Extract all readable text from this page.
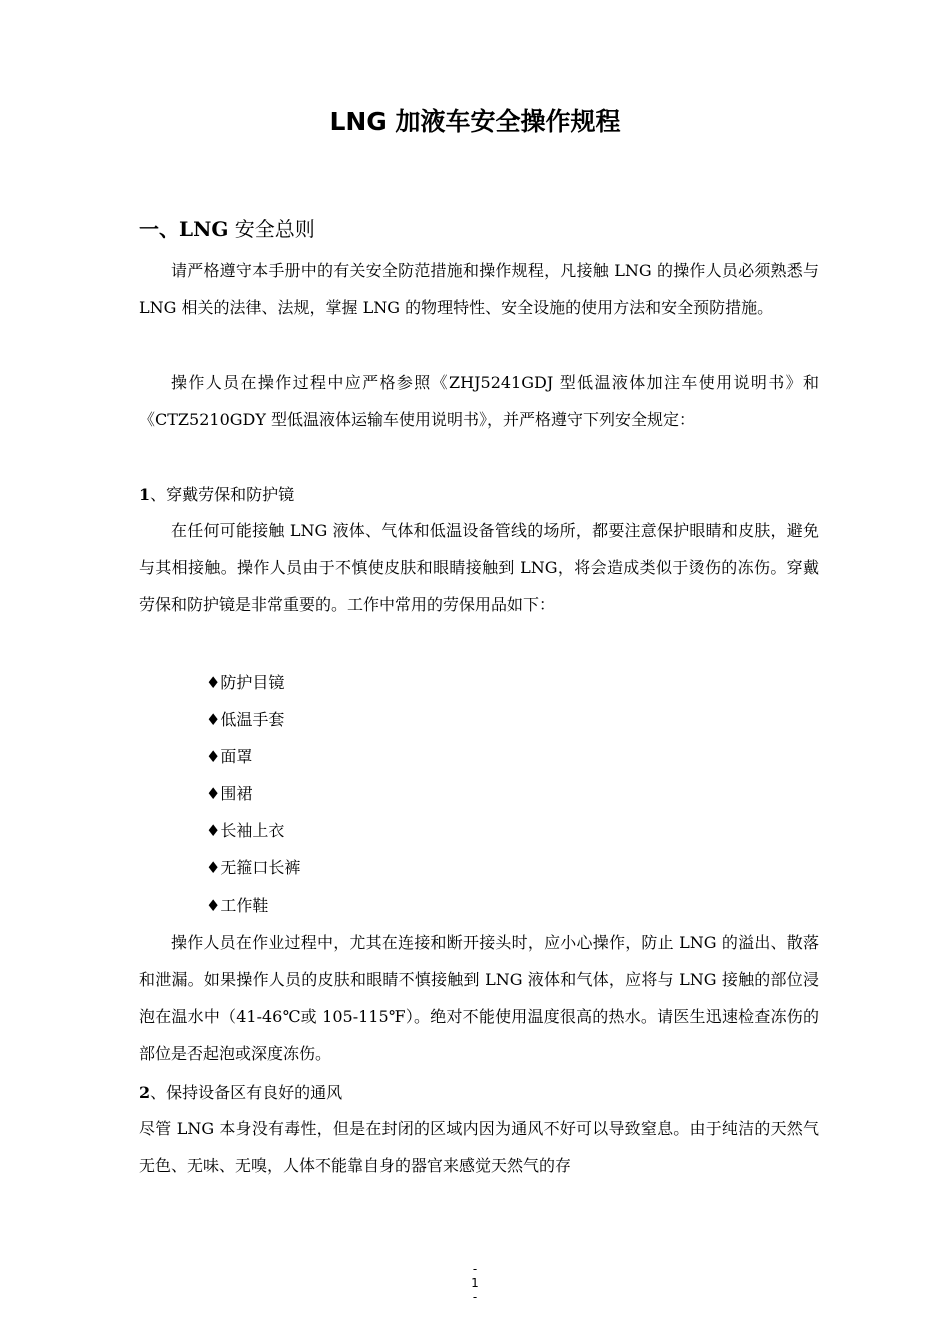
LNG 加液车安全操作规程
一、LNG 安全总则
请严格遵守本手册中的有关安全防范措施和操作规程，凡接触 LNG 的操作人员必须熟悉与 LNG 相关的法律、法规，掌握 LNG 的物理特性、安全设施的使用方法和安全预防措施。
操作人员在操作过程中应严格参照《ZHJ5241GDJ 型低温液体加注车使用说明书》和《CTZ5210GDY 型低温液体运输车使用说明书》，并严格遵守下列安全规定：
1、穿戴劳保和防护镜
在任何可能接触 LNG 液体、气体和低温设备管线的场所，都要注意保护眼睛和皮肤，避免与其相接触。操作人员由于不慎使皮肤和眼睛接触到 LNG，将会造成类似于烫伤的冻伤。穿戴劳保和防护镜是非常重要的。工作中常用的劳保用品如下：
♦防护目镜
♦低温手套
♦面罩
♦围裙
♦长袖上衣
♦无箍口长裤
♦工作鞋
操作人员在作业过程中，尤其在连接和断开接头时，应小心操作，防止 LNG 的溢出、散落和泄漏。如果操作人员的皮肤和眼睛不慎接触到 LNG 液体和气体，应将与 LNG 接触的部位浸泡在温水中（41-46℃或 105-115℉）。绝对不能使用温度很高的热水。请医生迅速检查冻伤的部位是否起泡或深度冻伤。
2、保持设备区有良好的通风
尽管 LNG 本身没有毒性，但是在封闭的区域内因为通风不好可以导致窒息。由于纯洁的天然气无色、无味、无嗅，人体不能靠自身的器官来感觉天然气的存
-
1
-
